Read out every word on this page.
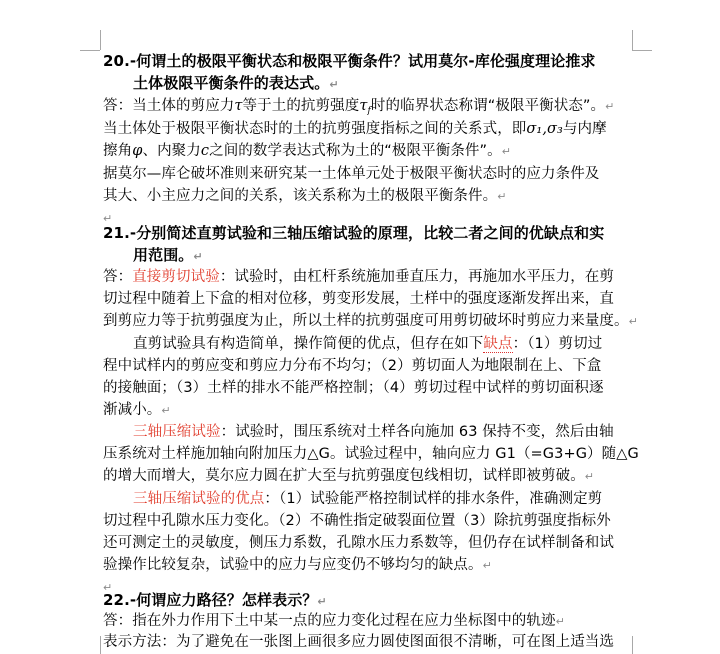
20.-何谓土的极限平衡状态和极限平衡条件？试用莫尔-库伦强度理论推求
土体极限平衡条件的表达式。↵
答：当土体的剪应力τ等于土的抗剪强度$\tau_f$时的临界状态称谓“极限平衡状态”。↵
当土体处于极限平衡状态时的土的抗剪强度指标之间的关系式，即σ₁,σ₃与内摩
擦角φ、内聚力c之间的数学表达式称为土的“极限平衡条件”。↵
据莫尔—库仑破坏准则来研究某一土体单元处于极限平衡状态时的应力条件及
其大、小主应力之间的关系，该关系称为土的极限平衡条件。↵
↵
21.-分别简述直剪试验和三轴压缩试验的原理，比较二者之间的优缺点和实
用范围。↵
答：直接剪切试验：试验时，由杠杆系统施加垂直压力，再施加水平压力，在剪
切过程中随着上下盒的相对位移，剪变形发展，土样中的强度逐渐发挥出来，直
到剪应力等于抗剪强度为止，所以土样的抗剪强度可用剪切破坏时剪应力来量度。↵
直剪试验具有构造简单，操作简便的优点，但存在如下缺点：（1）剪切过
程中试样内的剪应变和剪应力分布不均匀；（2）剪切面人为地限制在上、下盒
的接触面；（3）土样的排水不能严格控制；（4）剪切过程中试样的剪切面积逐
渐减小。↵
三轴压缩试验：试验时，围压系统对土样各向施加 63 保持不变，然后由轴
压系统对土样施加轴向附加压力△G。试验过程中，轴向应力 G1（=G3+G）随△G
的增大而增大，莫尔应力圆在扩大至与抗剪强度包线相切，试样即被剪破。↵
三轴压缩试验的优点：（1）试验能严格控制试样的排水条件，准确测定剪
切过程中孔隙水压力变化。（2）不确性指定破裂面位置（3）除抗剪强度指标外
还可测定土的灵敏度，侧压力系数，孔隙水压力系数等，但仍存在试样制备和试
验操作比较复杂，试验中的应力与应变仍不够均匀的缺点。↵
↵
22.-何谓应力路径？怎样表示？↵
答：指在外力作用下土中某一点的应力变化过程在应力坐标图中的轨迹↵
表示方法：为了避免在一张图上画很多应力圆使图面很不清晰，可在图上适当选
